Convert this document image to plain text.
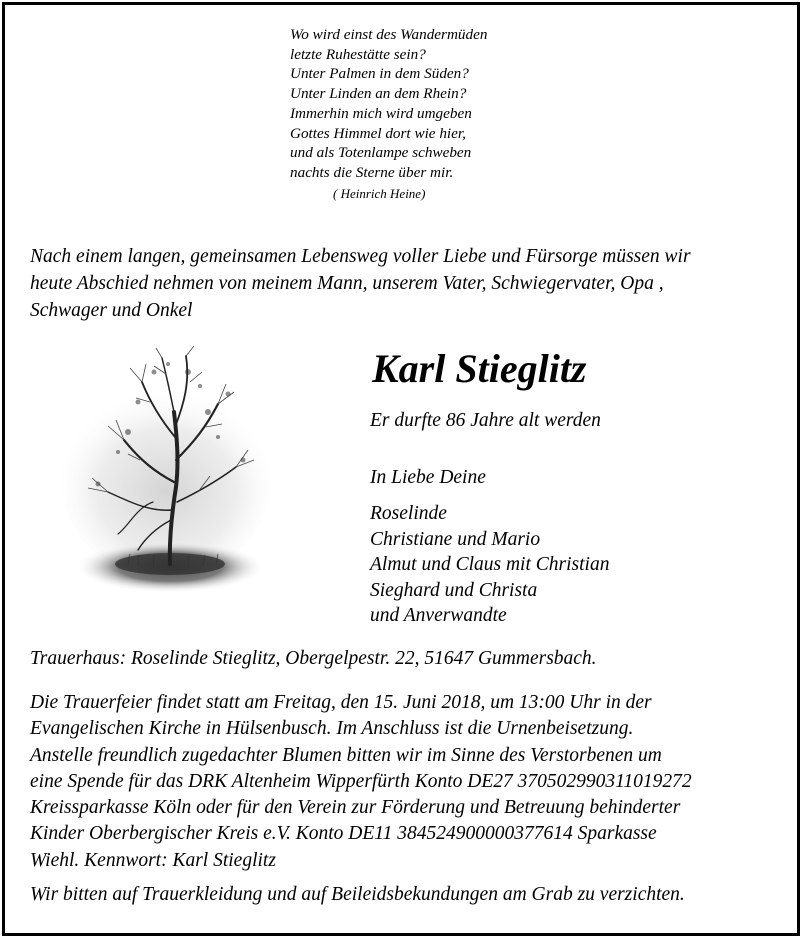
Wo wird einst des Wandermüden
letzte Ruhestätte sein?
Unter Palmen in dem Süden?
Unter Linden an dem Rhein?
Immerhin mich wird umgeben
Gottes Himmel dort wie hier,
und als Totenlampe schweben
nachts die Sterne über mir.
( Heinrich Heine)
Nach einem langen, gemeinsamen Lebensweg voller Liebe und Fürsorge müssen wir
heute Abschied nehmen von meinem Mann, unserem Vater, Schwiegervater, Opa ,
Schwager und Onkel
Karl Stieglitz
Er durfte 86 Jahre alt werden
In Liebe Deine
Roselinde
Christiane und Mario
Almut und Claus mit Christian
Sieghard und Christa
und Anverwandte
Trauerhaus: Roselinde Stieglitz, Obergelpestr. 22, 51647 Gummersbach.
Die Trauerfeier findet statt am Freitag, den 15. Juni 2018, um 13:00 Uhr in der
Evangelischen Kirche in Hülsenbusch. Im Anschluss ist die Urnenbeisetzung.
Anstelle freundlich zugedachter Blumen bitten wir im Sinne des Verstorbenen um
eine Spende für das DRK Altenheim Wipperfürth Konto DE27 370502990311019272
Kreissparkasse Köln oder für den Verein zur Förderung und Betreuung behinderter
Kinder Oberbergischer Kreis e.V. Konto DE11 384524900000377614 Sparkasse
Wiehl. Kennwort: Karl Stieglitz
Wir bitten auf Trauerkleidung und auf Beileidsbekundungen am Grab zu verzichten.
